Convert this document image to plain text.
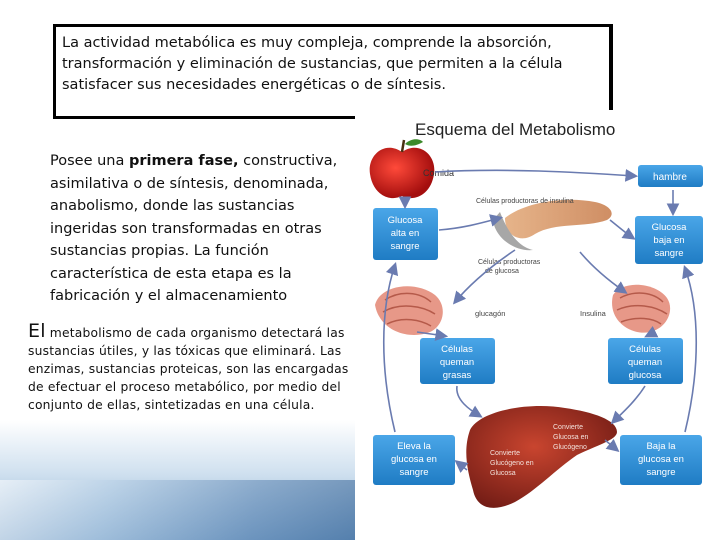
La actividad metabólica es muy compleja, comprende la absorción, transformación y eliminación de sustancias, que permiten a la célula satisfacer sus necesidades energéticas o de síntesis.
Posee una primera fase, constructiva, asimilativa o de síntesis, denominada, anabolismo, donde las sustancias ingeridas son transformadas en otras sustancias propias. La función característica de esta etapa es la fabricación y el almacenamiento
El metabolismo de cada organismo detectará las sustancias útiles, y las tóxicas que eliminará. Las enzimas, sustancias proteicas, son las encargadas de efectuar el proceso metabólico, por medio del conjunto de ellas, sintetizadas en una célula.
Esquema del Metabolismo
Comida
Células productoras de insulina
Células productoras
de glucosa
hambre
Glucosa
alta en
sangre
Glucosa
baja en
sangre
Células
queman
grasas
Células
queman
glucosa
Eleva la
glucosa en
sangre
Baja la
glucosa en
sangre
glucagón	Insulina
Convierte
Glucógeno en
Glucosa
Convierte
Glucosa en
Glucógeno
